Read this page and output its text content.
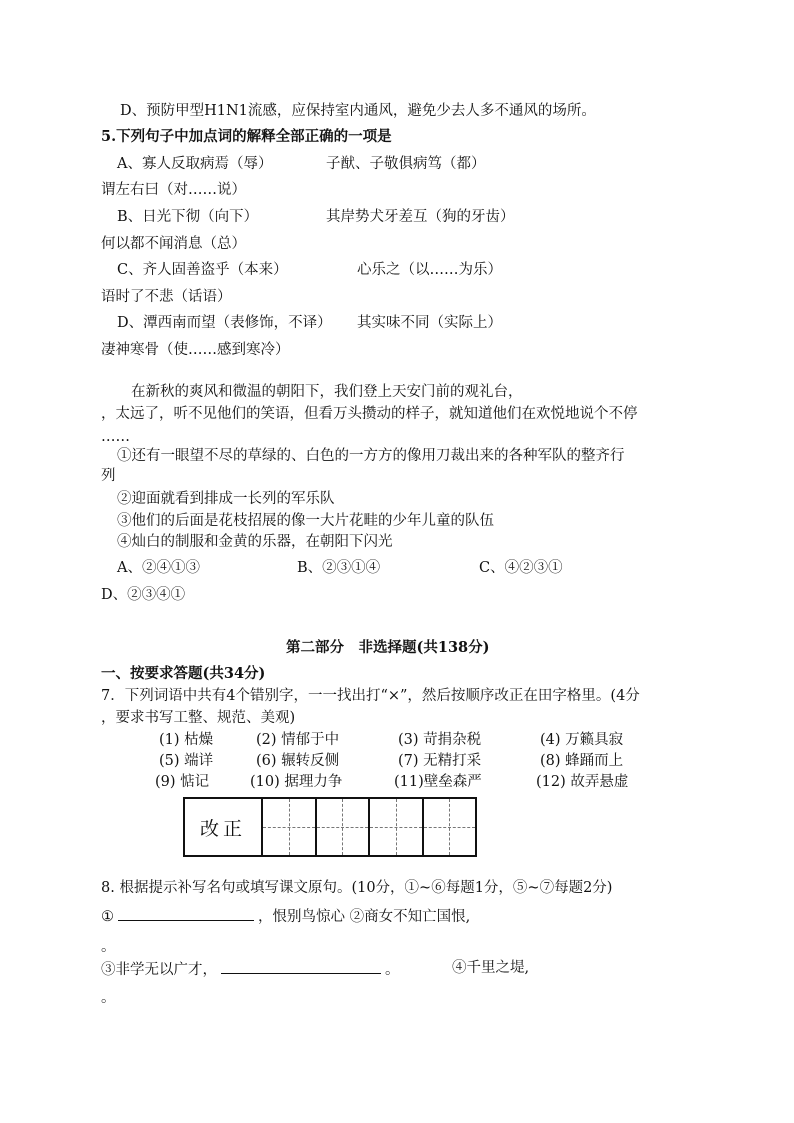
D、预防甲型H1N1流感，应保持室内通风，避免少去人多不通风的场所。
5.下列句子中加点词的解释全部正确的一项是
A、寡人反取病焉（辱）	子猷、子敬俱病笃（都）
谓左右曰（对……说）
B、日光下彻（向下）	其岸势犬牙差互（狗的牙齿）
何以都不闻消息（总）
C、齐人固善盗乎（本来）	心乐之（以……为乐）
语时了不悲（话语）
D、潭西南而望（表修饰，不译） 其实味不同（实际上）
凄神寒骨（使……感到寒冷）
在新秋的爽风和微温的朝阳下，我们登上天安门前的观礼台，
，太远了，听不见他们的笑语，但看万头攒动的样子，就知道他们在欢悦地说个不停
……
①还有一眼望不尽的草绿的、白色的一方方的像用刀裁出来的各种军队的整齐行
列
②迎面就看到排成一长列的军乐队
③他们的后面是花枝招展的像一大片花畦的少年儿童的队伍
④灿白的制服和金黄的乐器，在朝阳下闪光
A、②④①③	B、②③①④	C、④②③①
D、②③④①
第二部分　非选择题(共138分)
一、按要求答题(共34分)
7．下列词语中共有4个错别字，一一找出打“×”，然后按顺序改正在田字格里。(4分
，要求书写工整、规范、美观)
(1) 枯燥	(2) 情郁于中	(3) 苛捐杂税	(4) 万籁具寂
(5) 端详	(6) 辗转反侧	(7) 无精打采	(8) 蜂踊而上
(9) 惦记	(10) 据理力争	(11)壁垒森严	(12) 故弄悬虚
8. 根据提示补写名句或填写课文原句。(10分，①~⑥每题1分，⑤~⑦每题2分)
。
。
①	，恨别鸟惊心 ②商女不知亡国恨,
③非学无以广才，	。	④千里之堤,
改正
